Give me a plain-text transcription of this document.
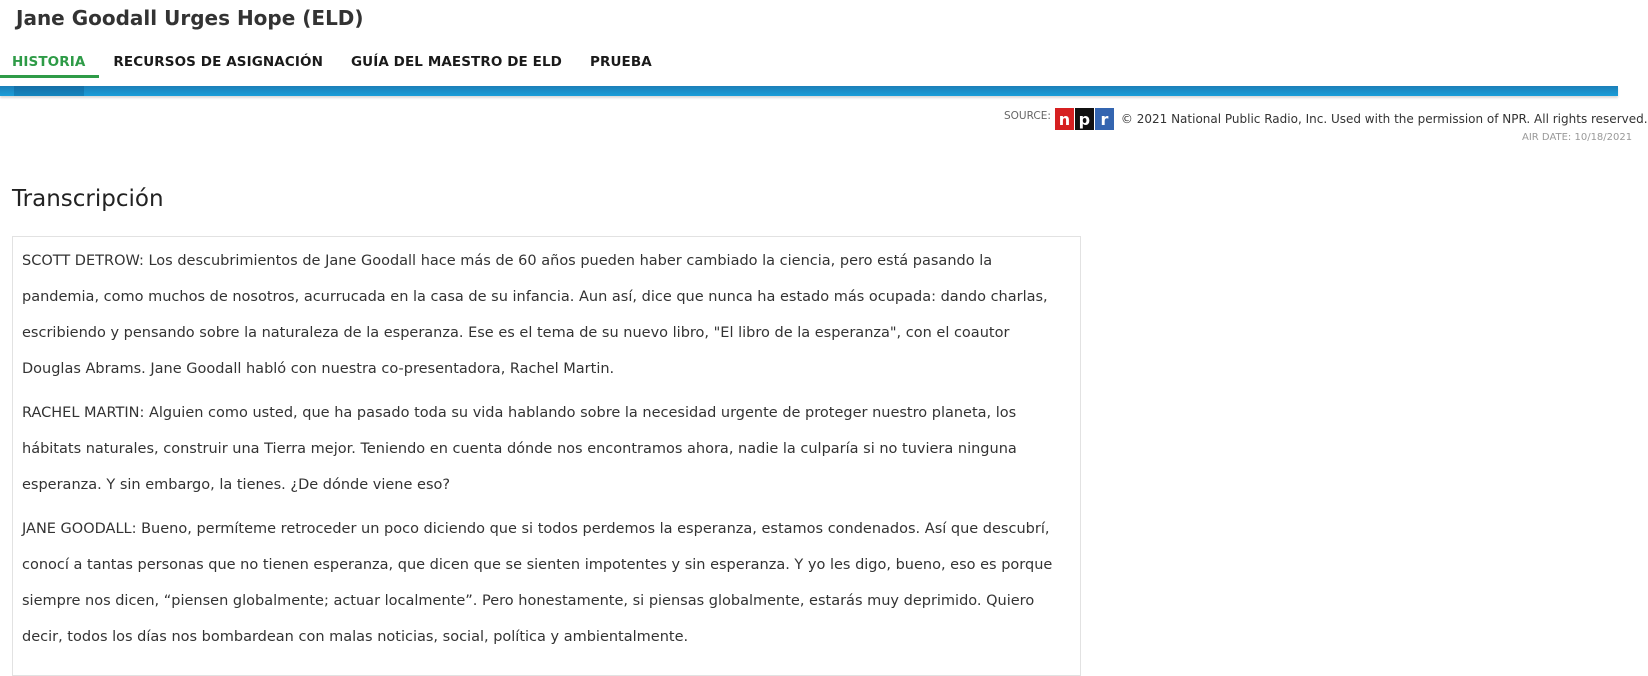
Jane Goodall Urges Hope (ELD)
HISTORIA	RECURSOS DE ASIGNACIÓN	GUÍA DEL MAESTRO DE ELD	PRUEBA
SOURCE: n p r	© 2021 National Public Radio, Inc. Used with the permission of NPR. All rights reserved.
AIR DATE: 10/18/2021
Transcripción

SCOTT DETROW: Los descubrimientos de Jane Goodall hace más de 60 años pueden haber cambiado la ciencia, pero está pasando la pandemia, como muchos de nosotros, acurrucada en la casa de su infancia. Aun así, dice que nunca ha estado más ocupada: dando charlas, escribiendo y pensando sobre la naturaleza de la esperanza. Ese es el tema de su nuevo libro, "El libro de la esperanza", con el coautor Douglas Abrams. Jane Goodall habló con nuestra co-presentadora, Rachel Martin.

RACHEL MARTIN: Alguien como usted, que ha pasado toda su vida hablando sobre la necesidad urgente de proteger nuestro planeta, los hábitats naturales, construir una Tierra mejor. Teniendo en cuenta dónde nos encontramos ahora, nadie la culparía si no tuviera ninguna esperanza. Y sin embargo, la tienes. ¿De dónde viene eso?

JANE GOODALL: Bueno, permíteme retroceder un poco diciendo que si todos perdemos la esperanza, estamos condenados. Así que descubrí, conocí a tantas personas que no tienen esperanza, que dicen que se sienten impotentes y sin esperanza. Y yo les digo, bueno, eso es porque siempre nos dicen, “piensen globalmente; actuar localmente”. Pero honestamente, si piensas globalmente, estarás muy deprimido. Quiero decir, todos los días nos bombardean con malas noticias, social, política y ambientalmente.
